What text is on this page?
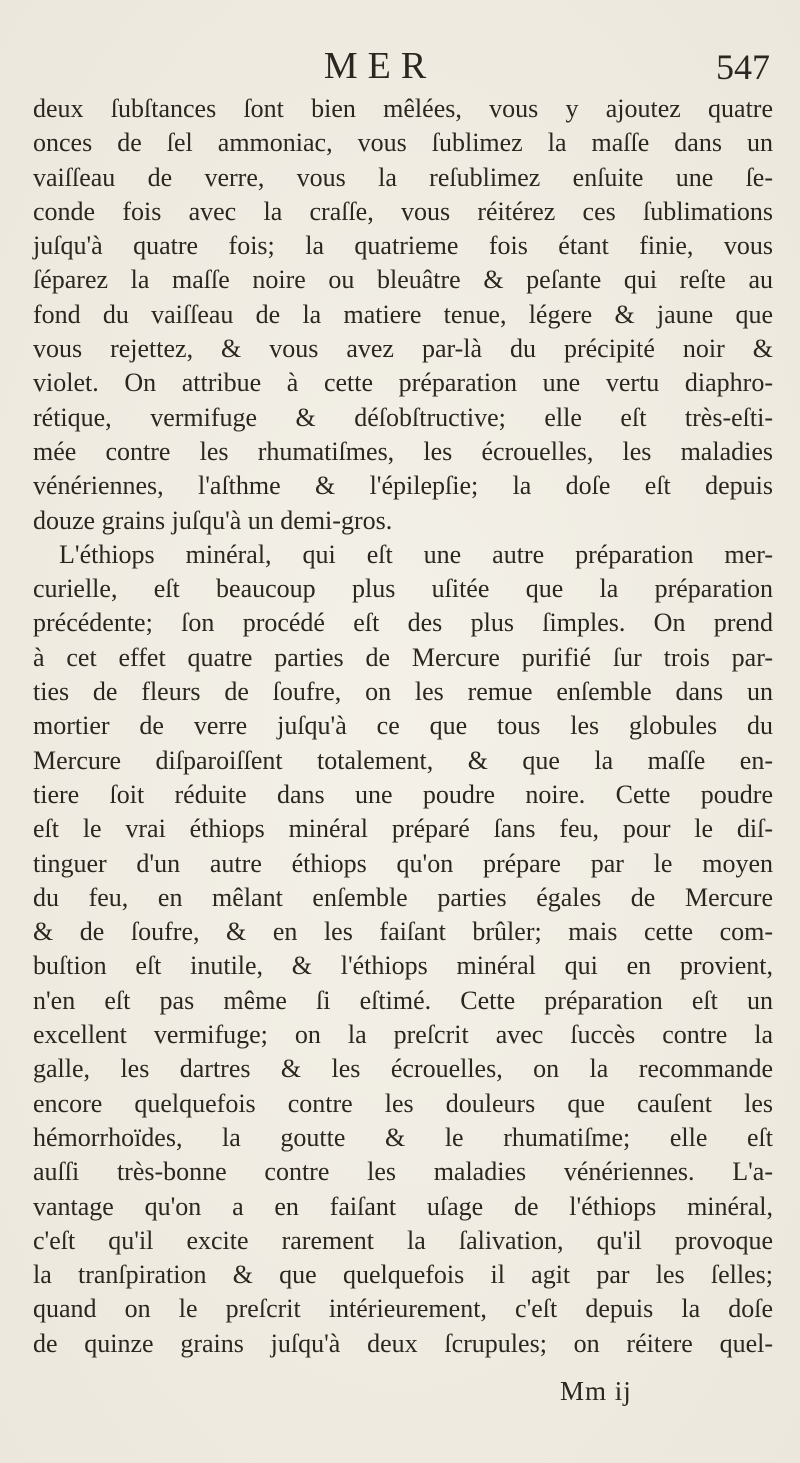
MER	547
deux ſubſtances ſont bien mêlées, vous y ajoutez quatre
onces de ſel ammoniac, vous ſublimez la maſſe dans un
vaiſſeau de verre, vous la reſublimez enſuite une ſe-
conde fois avec la craſſe, vous réitérez ces ſublimations
juſqu'à quatre fois; la quatrieme fois étant finie, vous
ſéparez la maſſe noire ou bleuâtre & peſante qui reſte au
fond du vaiſſeau de la matiere tenue, légere & jaune que
vous rejettez, & vous avez par-là du précipité noir &
violet. On attribue à cette préparation une vertu diaphro-
rétique, vermifuge & déſobſtructive; elle eſt très-eſti-
mée contre les rhumatiſmes, les écrouelles, les maladies
vénériennes, l'aſthme & l'épilepſie; la doſe eſt depuis
douze grains juſqu'à un demi-gros.
L'éthiops minéral, qui eſt une autre préparation mer-
curielle, eſt beaucoup plus uſitée que la préparation
précédente; ſon procédé eſt des plus ſimples. On prend
à cet effet quatre parties de Mercure purifié ſur trois par-
ties de fleurs de ſoufre, on les remue enſemble dans un
mortier de verre juſqu'à ce que tous les globules du
Mercure diſparoiſſent totalement, & que la maſſe en-
tiere ſoit réduite dans une poudre noire. Cette poudre
eſt le vrai éthiops minéral préparé ſans feu, pour le diſ-
tinguer d'un autre éthiops qu'on prépare par le moyen
du feu, en mêlant enſemble parties égales de Mercure
& de ſoufre, & en les faiſant brûler; mais cette com-
buſtion eſt inutile, & l'éthiops minéral qui en provient,
n'en eſt pas même ſi eſtimé. Cette préparation eſt un
excellent vermifuge; on la preſcrit avec ſuccès contre la
galle, les dartres & les écrouelles, on la recommande
encore quelquefois contre les douleurs que cauſent les
hémorrhoïdes, la goutte & le rhumatiſme; elle eſt
auſſi très-bonne contre les maladies vénériennes. L'a-
vantage qu'on a en faiſant uſage de l'éthiops minéral,
c'eſt qu'il excite rarement la ſalivation, qu'il provoque
la tranſpiration & que quelquefois il agit par les ſelles;
quand on le preſcrit intérieurement, c'eſt depuis la doſe
de quinze grains juſqu'à deux ſcrupules; on réitere quel-
Mm ij
